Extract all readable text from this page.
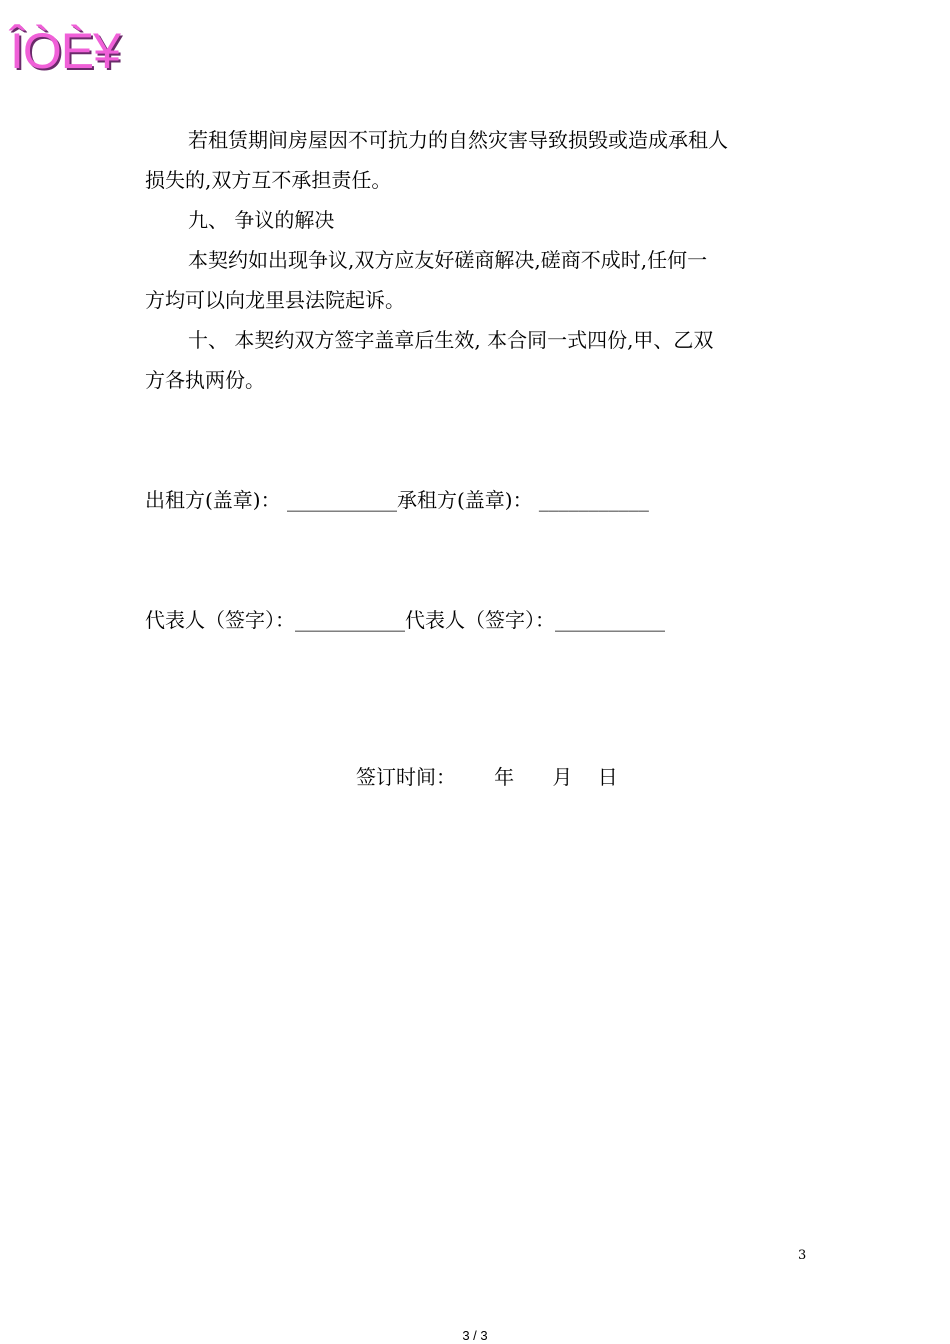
ÎÒÈ¥
若租赁期间房屋因不可抗力的自然灾害导致损毁或造成承租人
损失的,双方互不承担责任。
九、 争议的解决
本契约如出现争议,双方应友好磋商解决,磋商不成时,任何一
方均可以向龙里县法院起诉。
十、 本契约双方签字盖章后生效, 本合同一式四份,甲、乙双
方各执两份。
出租方(盖章)： ___________承租方(盖章)： ___________
代表人（签字）：___________代表人（签字）：___________
签订时间： 年 月 日
3
3 / 3
